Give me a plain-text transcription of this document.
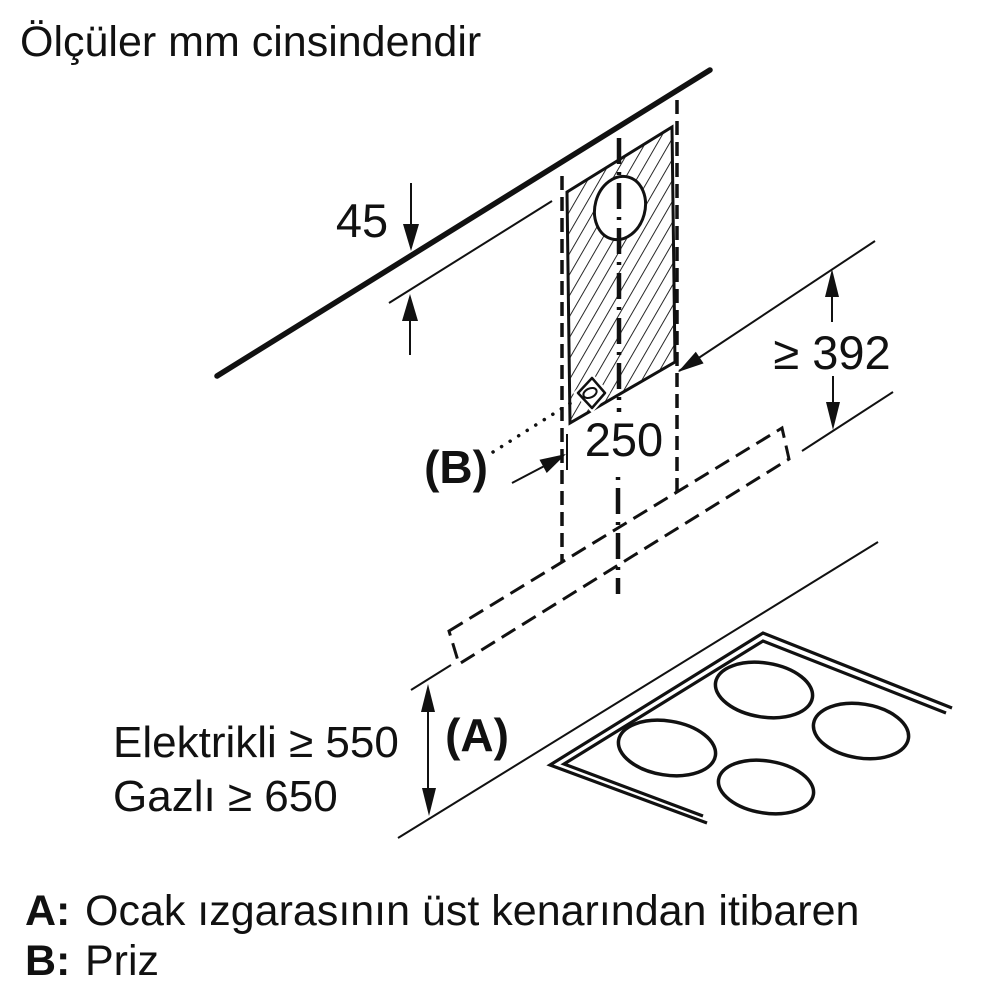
Ölçüler mm cinsindendir
45
(B)
250
≥ 392
(A)
Elektrikli ≥ 550
Gazlı ≥ 650
A: Ocak ızgarasının üst kenarından itibaren
B: Priz
